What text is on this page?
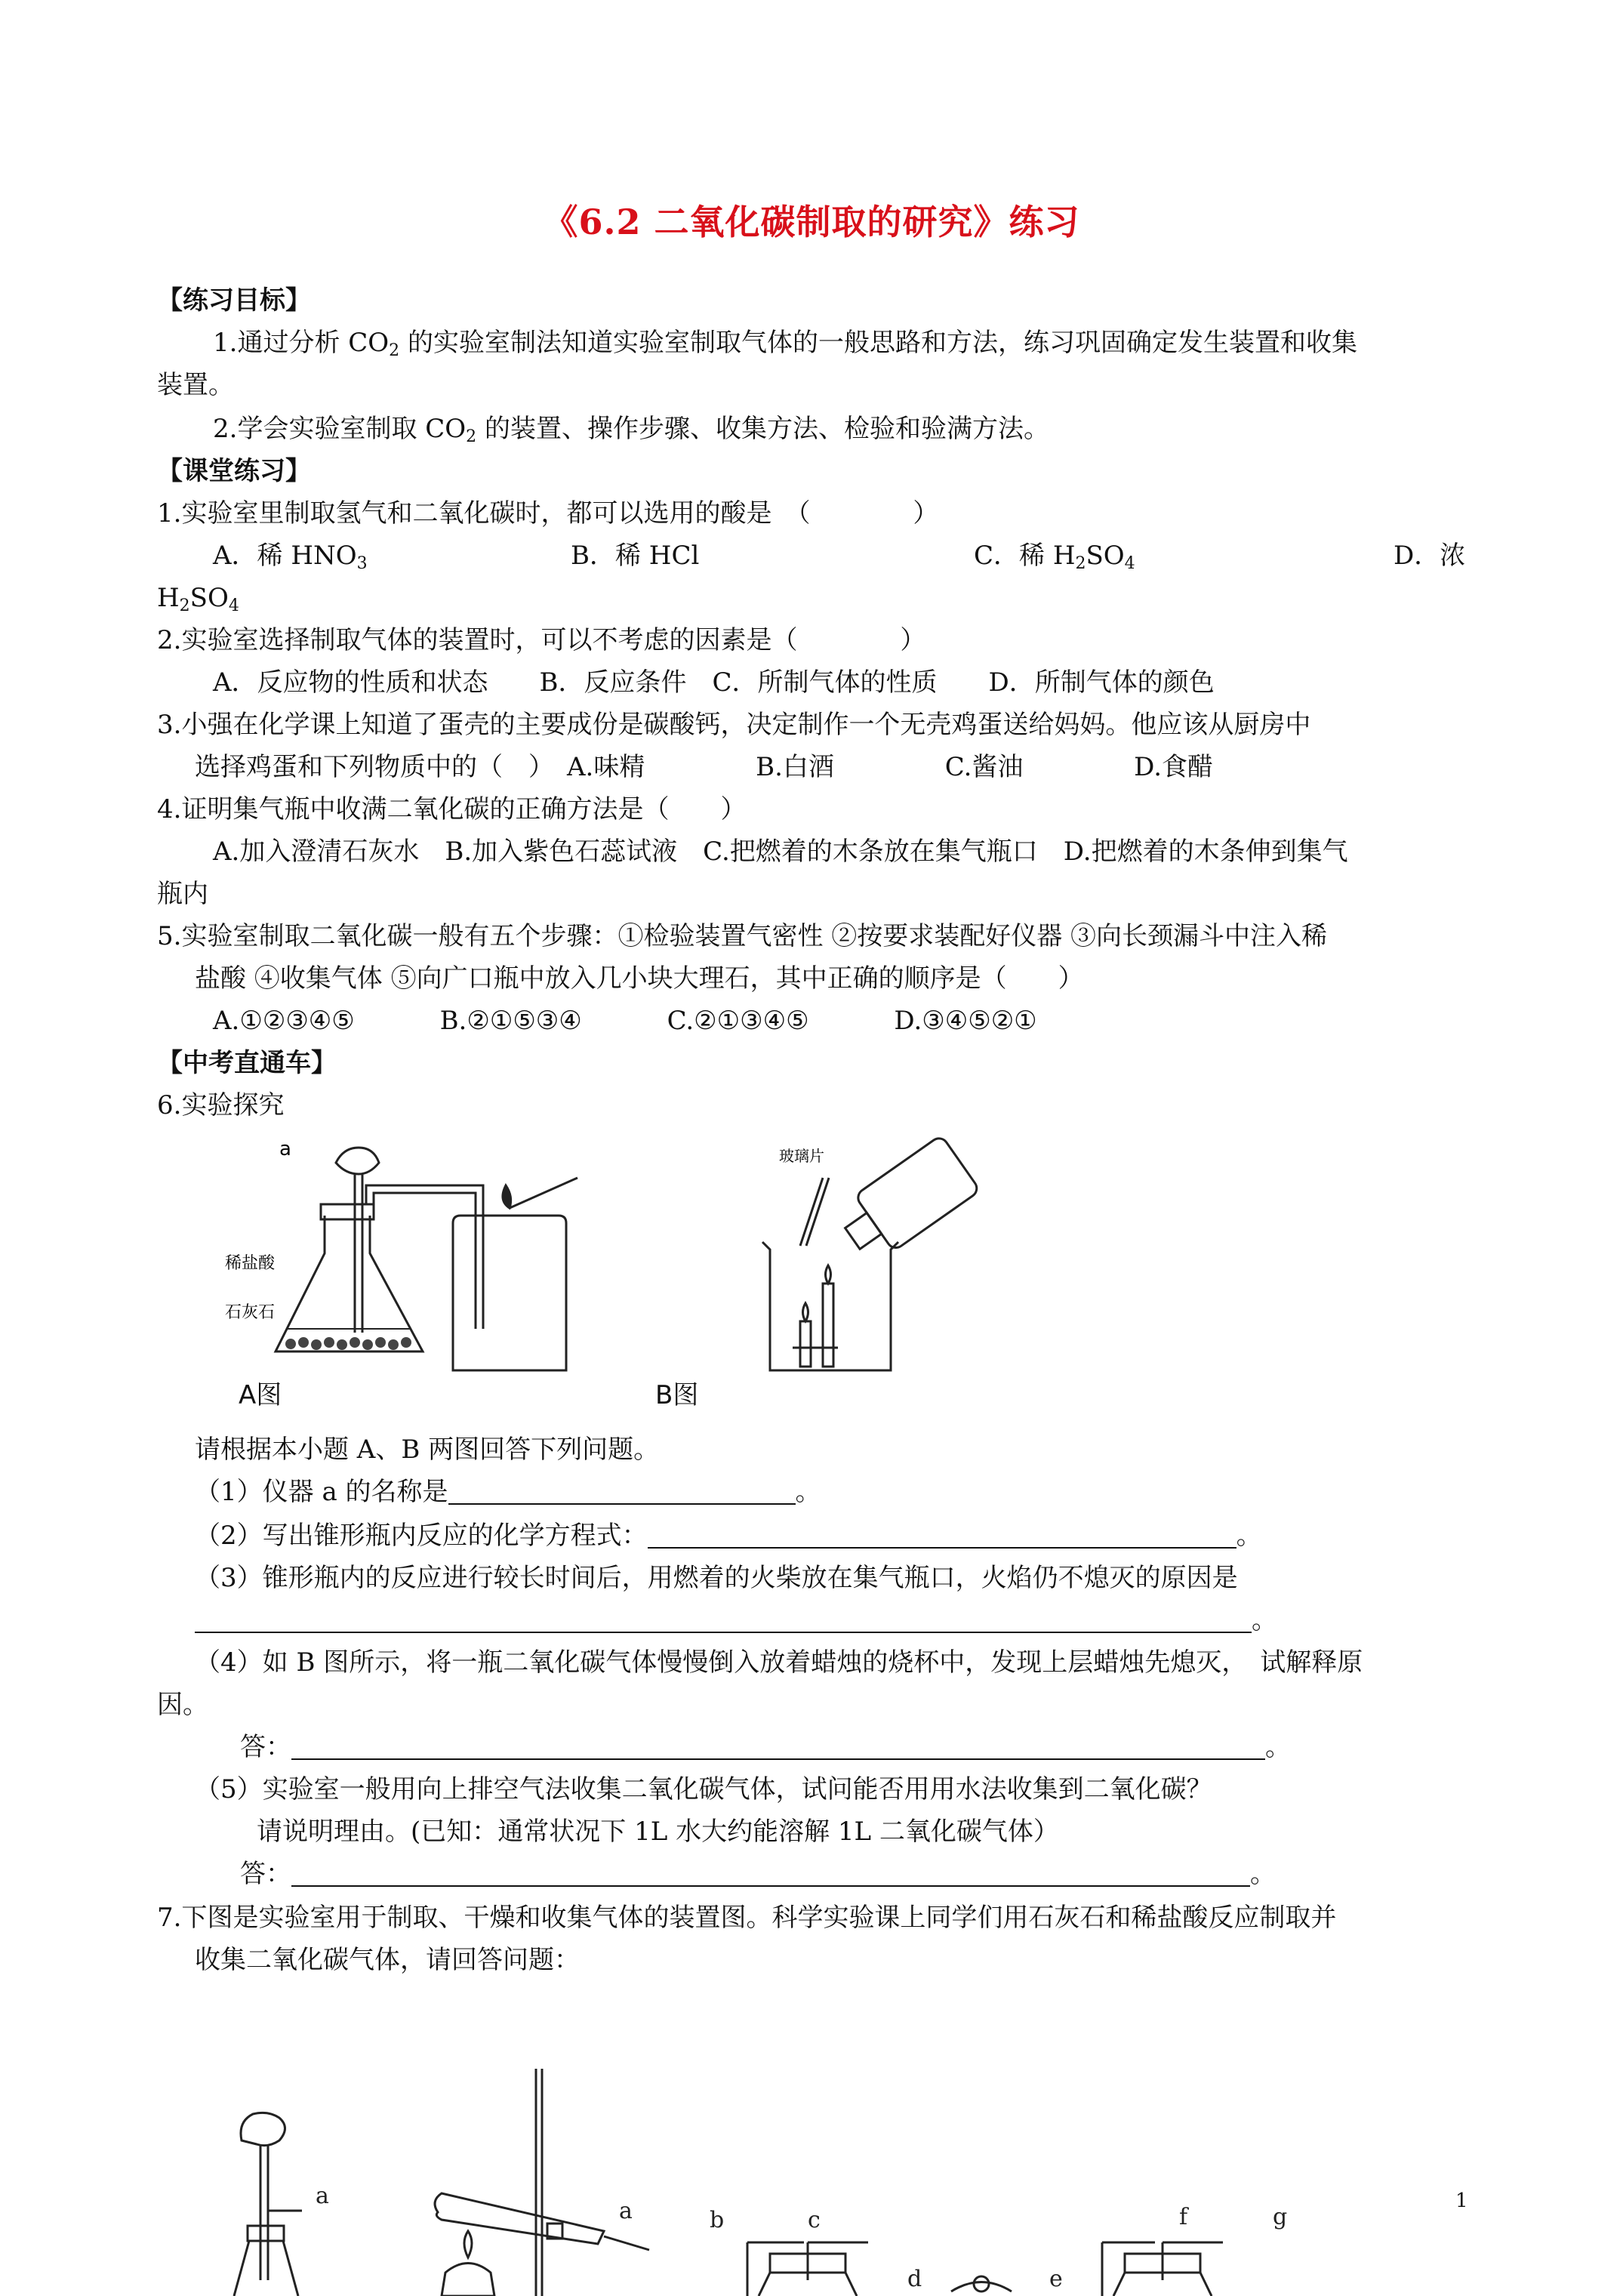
《6.2 二氧化碳制取的研究》练习
【练习目标】
1.通过分析 $CO_2$ 的实验室制法知道实验室制取气体的一般思路和方法，练习巩固确定发生装置和收集
装置。
2.学会实验室制取 $CO_2$ 的装置、操作步骤、收集方法、检验和验满方法。
【课堂练习】
1.实验室里制取氢气和二氧化碳时，都可以选用的酸是　（　　　　）
A．稀 $HNO_3$	B．稀 HCl	C．稀 $H_2SO_4$	D．浓
$H_2SO_4$
2.实验室选择制取气体的装置时，可以不考虑的因素是（　　　　）
A．反应物的性质和状态　　B．反应条件　C．所制气体的性质　　D．所制气体的颜色
3.小强在化学课上知道了蛋壳的主要成份是碳酸钙，决定制作一个无壳鸡蛋送给妈妈。他应该从厨房中
选择鸡蛋和下列物质中的（　）　A.味精　　　　 B.白酒　　　　 C.酱油　　　　 D.食醋
4.证明集气瓶中收满二氧化碳的正确方法是（　　）
A.加入澄清石灰水　B.加入紫色石蕊试液　C.把燃着的木条放在集气瓶口　D.把燃着的木条伸到集气
瓶内
5.实验室制取二氧化碳一般有五个步骤：①检验装置气密性 ②按要求装配好仪器 ③向长颈漏斗中注入稀
盐酸 ④收集气体 ⑤向广口瓶中放入几小块大理石，其中正确的顺序是（　　）
A.①②③④⑤　　　 B.②①⑤③④　　　 C.②①③④⑤　　　 D.③④⑤②①
【中考直通车】
6.实验探究
a
稀盐酸
石灰石
玻璃片
A图	B图
请根据本小题 A、B 两图回答下列问题。
（1）仪器 a 的名称是	。
（2）写出锥形瓶内反应的化学方程式：	。
（3）锥形瓶内的反应进行较长时间后，用燃着的火柴放在集气瓶口，火焰仍不熄灭的原因是
。
（4）如 B 图所示，将一瓶二氧化碳气体慢慢倒入放着蜡烛的烧杯中，发现上层蜡烛先熄灭，　试解释原
因。
答：	。
（5）实验室一般用向上排空气法收集二氧化碳气体，试问能否用用水法收集到二氧化碳？
请说明理由。(已知：通常状况下 1L 水大约能溶解 1L 二氧化碳气体）
答：	。
7.下图是实验室用于制取、干燥和收集气体的装置图。科学实验课上同学们用石灰石和稀盐酸反应制取并
收集二氧化碳气体，请回答问题：
a
a	b	c
d	e
f	g
1
